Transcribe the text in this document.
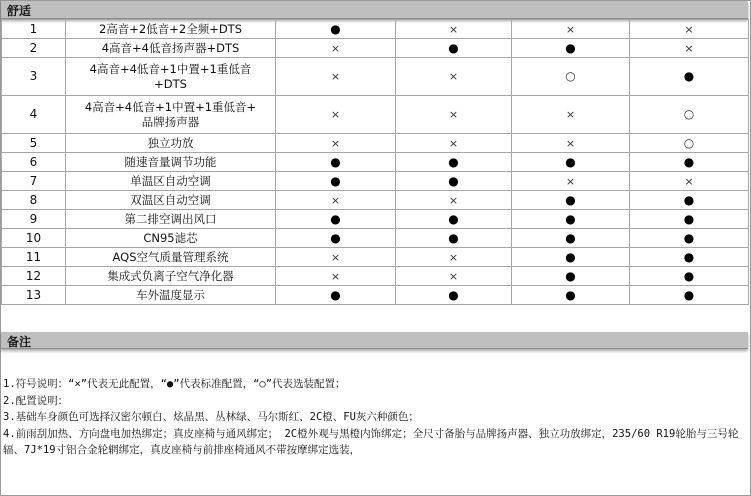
舒适
1	2高音+2低音+2全频+DTS	●	×	×	×
2	4高音+4低音扬声器+DTS	×	●	●	×
3	4高音+4低音+1中置+1重低音
+DTS	×	×	○	●
4	4高音+4低音+1中置+1重低音+
品牌扬声器	×	×	×	○
5	独立功放	×	×	×	○
6	随速音量调节功能	●	●	●	●
7	单温区自动空调	●	●	×	×
8	双温区自动空调	×	×	●	●
9	第二排空调出风口	●	●	●	●
10	CN95滤芯	●	●	●	●
11	AQS空气质量管理系统	×	×	●	●
12	集成式负离子空气净化器	×	×	●	●
13	车外温度显示	●	●	●	●
备注
1.符号说明：“×”代表无此配置，“●”代表标准配置，“○”代表选装配置；
2.配置说明：
3.基础车身颜色可选择汉密尔顿白、炫晶黑、丛林绿、马尔斯红、2C橙、FU灰六种颜色；
4.前雨刮加热、方向盘电加热绑定；真皮座椅与通风绑定； 2C橙外观与黑橙内饰绑定；全尺寸备胎与品牌扬声器、独立功放绑定，235/60 R19轮胎与三号轮辐、7J*19寸铝合金轮辋绑定，真皮座椅与前排座椅通风不带按摩绑定选装，
